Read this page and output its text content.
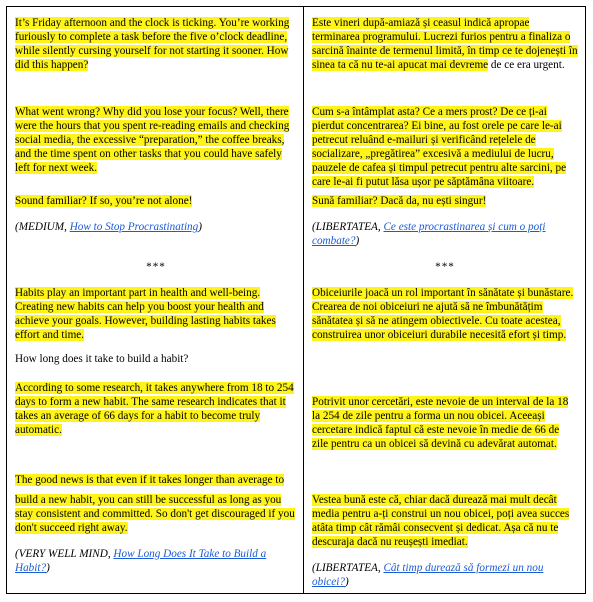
It’s Friday afternoon and the clock is ticking. You’re working furiously to complete a task before the five o’clock deadline, while silently cursing yourself for not starting it sooner. How did this happen?

What went wrong? Why did you lose your focus? Well, there were the hours that you spent re-reading emails and checking social media, the excessive “preparation,” the coffee breaks, and the time spent on other tasks that you could have safely left for next week.

Sound familiar? If so, you’re not alone!

(MEDIUM, How to Stop Procrastinating)

***

Habits play an important part in health and well-being. Creating new habits can help you boost your health and achieve your goals. However, building lasting habits takes effort and time.

How long does it take to build a habit?

According to some research, it takes anywhere from 18 to 254 days to form a new habit. The same research indicates that it takes an average of 66 days for a habit to become truly automatic.

The good news is that even if it takes longer than average to

build a new habit, you can still be successful as long as you stay consistent and committed. So don't get discouraged if you don't succeed right away.

(VERY WELL MIND, How Long Does It Take to Build a Habit?)

Este vineri după-amiază și ceasul indică apropae terminarea programului. Lucrezi furios pentru a finaliza o sarcină înainte de termenul limită, în timp ce te dojenești în sinea ta că nu te-ai apucat mai devreme de ce era urgent.

Cum s-a întâmplat asta? Ce a mers prost? De ce ți-ai pierdut concentrarea? Ei bine, au fost orele pe care le-ai petrecut reluând e-mailuri și verificând rețelele de socializare, „pregătirea” excesivă a mediului de lucru, pauzele de cafea și timpul petrecut pentru alte sarcini, pe care le-ai fi putut lăsa ușor pe săptămâna viitoare.

Sună familiar? Dacă da, nu ești singur!

(LIBERTATEA, Ce este procrastinarea și cum o poți combate?)

***

Obiceiurile joacă un rol important în sănătate și bunăstare. Crearea de noi obiceiuri ne ajută să ne îmbunătățim sănătatea și să ne atingem obiectivele. Cu toate acestea, construirea unor obiceiuri durabile necesită efort și timp.

Potrivit unor cercetări, este nevoie de un interval de la 18 la 254 de zile pentru a forma un nou obicei. Aceeași cercetare indică faptul că este nevoie în medie de 66 de zile pentru ca un obicei să devină cu adevărat automat.

Vestea bună este că, chiar dacă durează mai mult decât media pentru a-ți construi un nou obicei, poți avea succes atâta timp cât rămâi consecvent și dedicat. Așa că nu te descuraja dacă nu reușești imediat.

(LIBERTATEA, Cât timp durează să formezi un nou obicei?)
